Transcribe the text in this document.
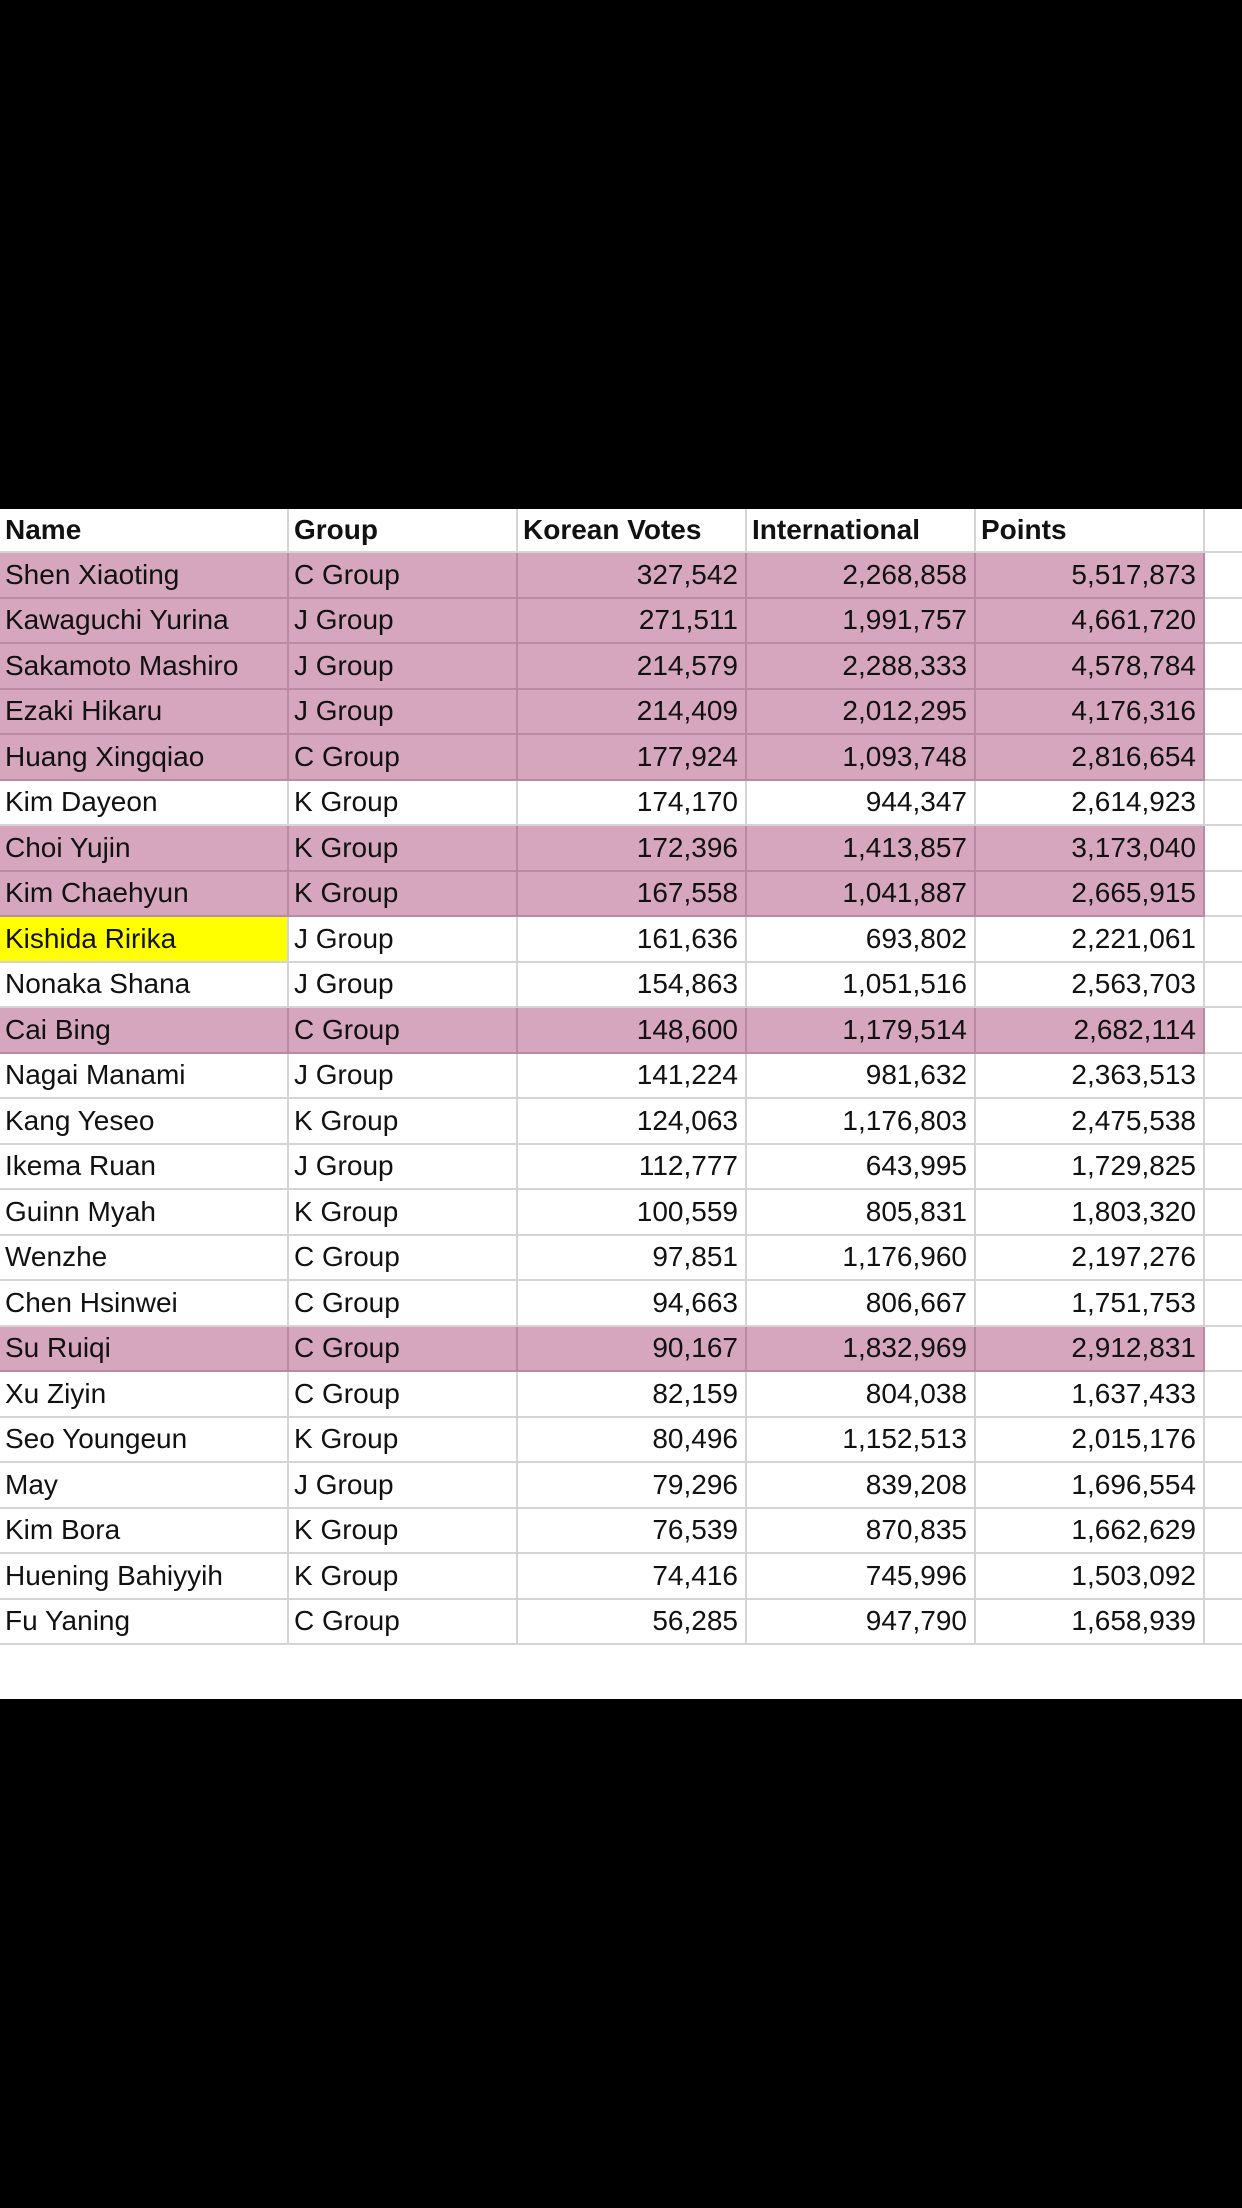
Name	Group	Korean Votes	International	Points	
Shen Xiaoting	C Group	327,542	2,268,858	5,517,873	
Kawaguchi Yurina	J Group	271,511	1,991,757	4,661,720	
Sakamoto Mashiro	J Group	214,579	2,288,333	4,578,784	
Ezaki Hikaru	J Group	214,409	2,012,295	4,176,316	
Huang Xingqiao	C Group	177,924	1,093,748	2,816,654	
Kim Dayeon	K Group	174,170	944,347	2,614,923	
Choi Yujin	K Group	172,396	1,413,857	3,173,040	
Kim Chaehyun	K Group	167,558	1,041,887	2,665,915	
Kishida Ririka	J Group	161,636	693,802	2,221,061	
Nonaka Shana	J Group	154,863	1,051,516	2,563,703	
Cai Bing	C Group	148,600	1,179,514	2,682,114	
Nagai Manami	J Group	141,224	981,632	2,363,513	
Kang Yeseo	K Group	124,063	1,176,803	2,475,538	
Ikema Ruan	J Group	112,777	643,995	1,729,825	
Guinn Myah	K Group	100,559	805,831	1,803,320	
Wenzhe	C Group	97,851	1,176,960	2,197,276	
Chen Hsinwei	C Group	94,663	806,667	1,751,753	
Su Ruiqi	C Group	90,167	1,832,969	2,912,831	
Xu Ziyin	C Group	82,159	804,038	1,637,433	
Seo Youngeun	K Group	80,496	1,152,513	2,015,176	
May	J Group	79,296	839,208	1,696,554	
Kim Bora	K Group	76,539	870,835	1,662,629	
Huening Bahiyyih	K Group	74,416	745,996	1,503,092	
Fu Yaning	C Group	56,285	947,790	1,658,939	
